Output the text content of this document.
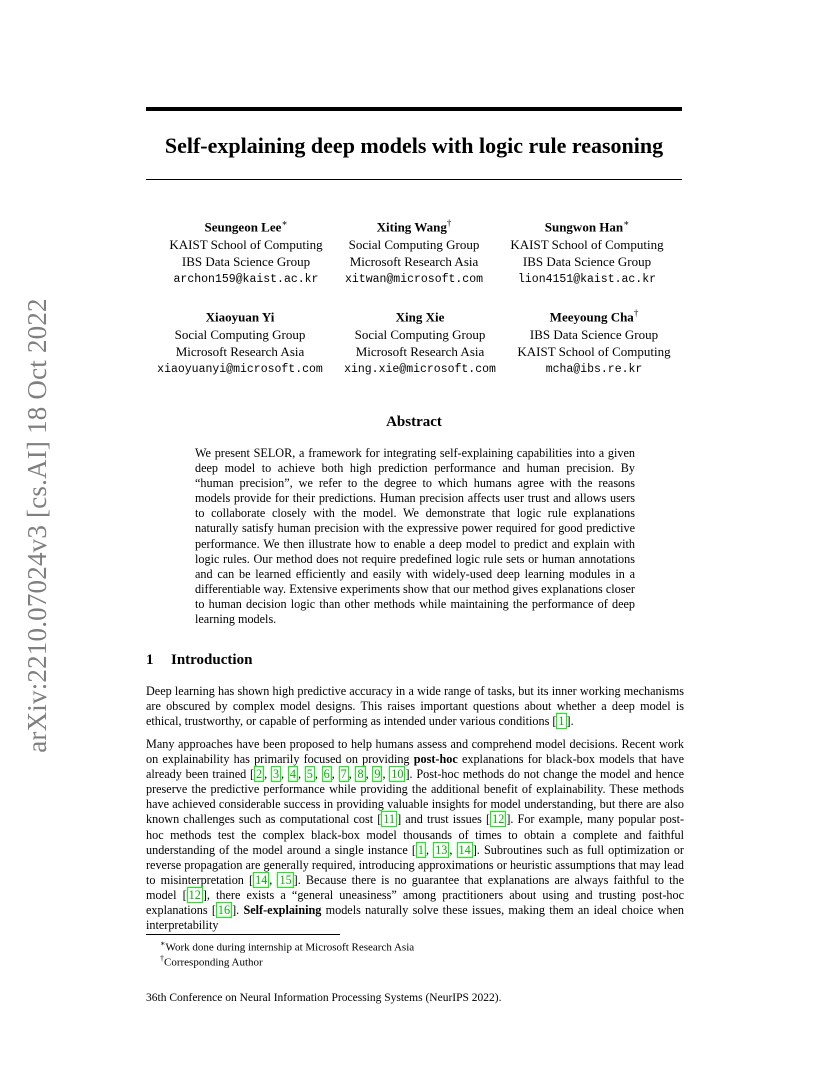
arXiv:2210.07024v3 [cs.AI] 18 Oct 2022
Self-explaining deep models with logic rule reasoning
Seungeon Lee∗
KAIST School of Computing
IBS Data Science Group
archon159@kaist.ac.kr
Xiting Wang†
Social Computing Group
Microsoft Research Asia
xitwan@microsoft.com
Sungwon Han∗
KAIST School of Computing
IBS Data Science Group
lion4151@kaist.ac.kr
Xiaoyuan Yi
Social Computing Group
Microsoft Research Asia
xiaoyuanyi@microsoft.com
Xing Xie
Social Computing Group
Microsoft Research Asia
xing.xie@microsoft.com
Meeyoung Cha†
IBS Data Science Group
KAIST School of Computing
mcha@ibs.re.kr
Abstract

We present SELOR, a framework for integrating self-explaining capabilities into a given deep model to achieve both high prediction performance and human precision. By “human precision”, we refer to the degree to which humans agree with the reasons models provide for their predictions. Human precision affects user trust and allows users to collaborate closely with the model. We demonstrate that logic rule explanations naturally satisfy human precision with the expressive power required for good predictive performance. We then illustrate how to enable a deep model to predict and explain with logic rules. Our method does not require predefined logic rule sets or human annotations and can be learned efficiently and easily with widely-used deep learning modules in a differentiable way. Extensive experiments show that our method gives explanations closer to human decision logic than other methods while maintaining the performance of deep learning models.

1 Introduction

Deep learning has shown high predictive accuracy in a wide range of tasks, but its inner working mechanisms are obscured by complex model designs. This raises important questions about whether a deep model is ethical, trustworthy, or capable of performing as intended under various conditions [ 1 ].

Many approaches have been proposed to help humans assess and comprehend model decisions. Recent work on explainability has primarily focused on providing post-hoc explanations for black-box models that have already been trained [ 2 , 3 , 4 , 5 , 6 , 7 , 8 , 9 , 10 ]. Post-hoc methods do not change the model and hence preserve the predictive performance while providing the additional benefit of explainability. These methods have achieved considerable success in providing valuable insights for model understanding, but there are also known challenges such as computational cost [ 11 ] and trust issues [ 12 ]. For example, many popular post-hoc methods test the complex black-box model thousands of times to obtain a complete and faithful understanding of the model around a single instance [ 1 , 13 , 14 ]. Subroutines such as full optimization or reverse propagation are generally required, introducing approximations or heuristic assumptions that may lead to misinterpretation [ 14 , 15 ]. Because there is no guarantee that explanations are always faithful to the model [ 12 ], there exists a “general uneasiness” among practitioners about using and trusting post-hoc explanations [ 16 ]. Self-explaining models naturally solve these issues, making them an ideal choice when interpretability

∗Work done during internship at Microsoft Research Asia
†Corresponding Author
36th Conference on Neural Information Processing Systems (NeurIPS 2022).
